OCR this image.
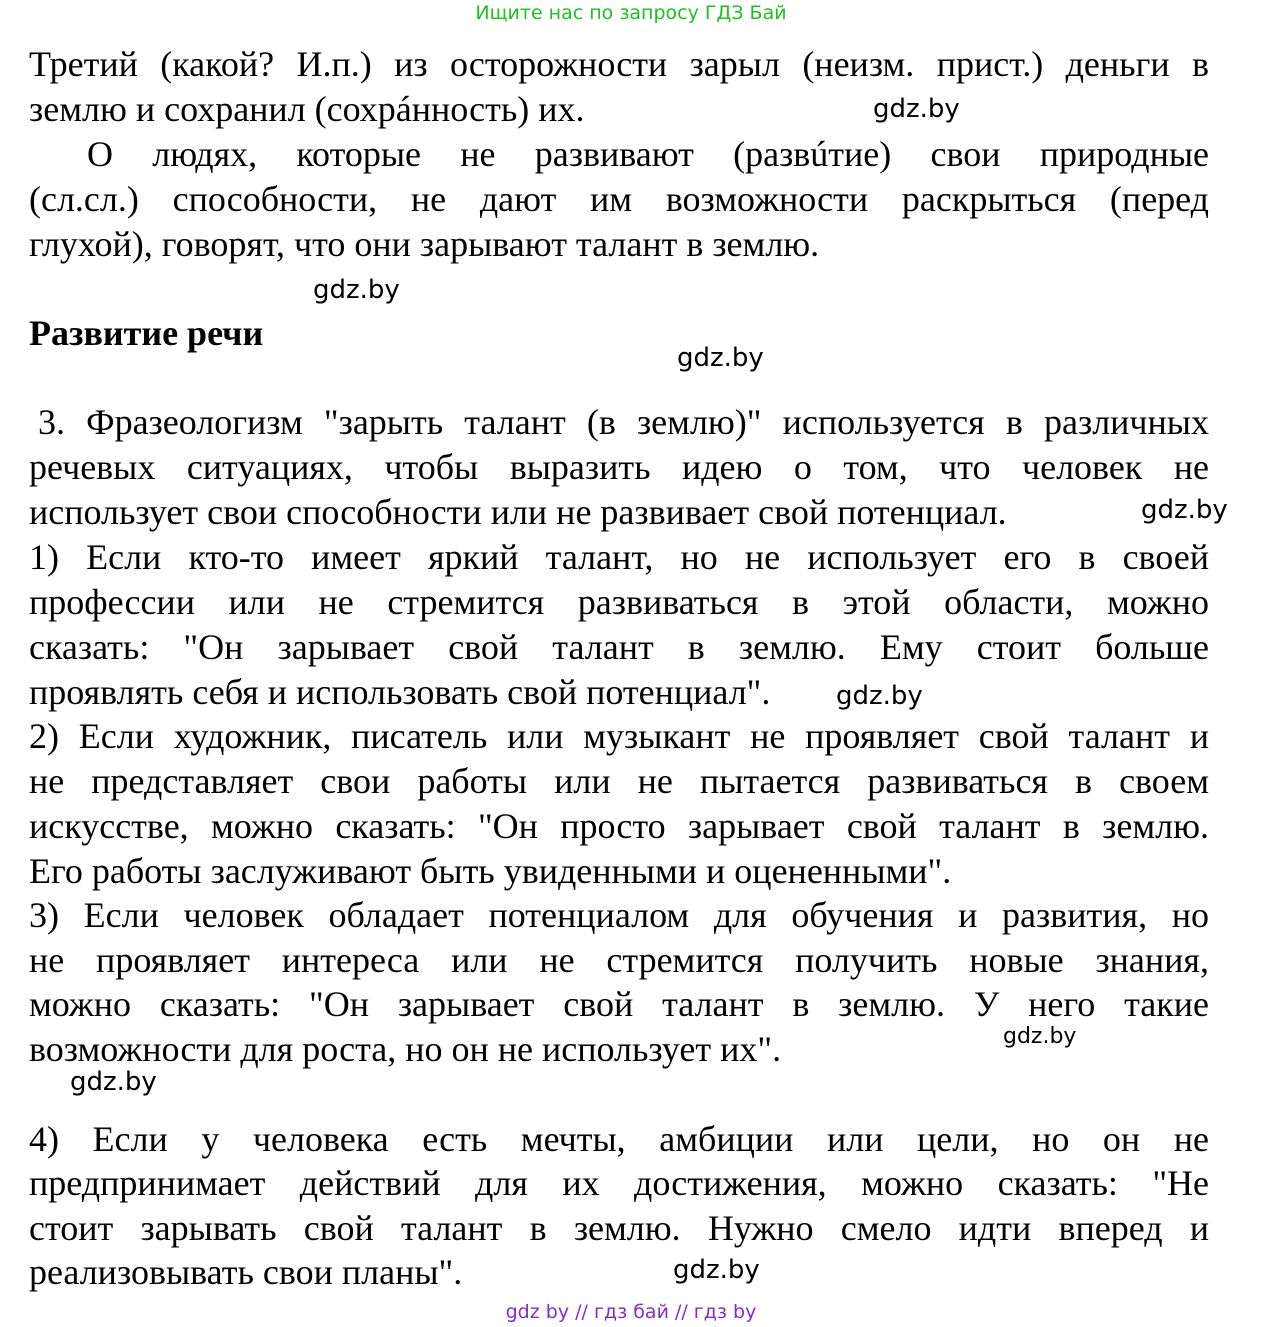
Ищите нас по запросу ГДЗ Бай
Третий (какой? И.п.) из осторожности зарыл (неизм. прист.) деньги в
землю и сохранил (сохрáнность) их.
О людях, которые не развивают (развúтие) свои природные
(сл.сл.) способности, не дают им возможности раскрыться (перед
глухой), говорят, что они зарывают талант в землю.
Развитие речи
3. Фразеологизм "зарыть талант (в землю)" используется в различных
речевых ситуациях, чтобы выразить идею о том, что человек не
использует свои способности или не развивает свой потенциал.
1) Если кто-то имеет яркий талант, но не использует его в своей
профессии или не стремится развиваться в этой области, можно
сказать: "Он зарывает свой талант в землю. Ему стоит больше
проявлять себя и использовать свой потенциал".
2) Если художник, писатель или музыкант не проявляет свой талант и
не представляет свои работы или не пытается развиваться в своем
искусстве, можно сказать: "Он просто зарывает свой талант в землю.
Его работы заслуживают быть увиденными и оцененными".
3) Если человек обладает потенциалом для обучения и развития, но
не проявляет интереса или не стремится получить новые знания,
можно сказать: "Он зарывает свой талант в землю. У него такие
возможности для роста, но он не использует их".
4) Если у человека есть мечты, амбиции или цели, но он не
предпринимает действий для их достижения, можно сказать: "Не
стоит зарывать свой талант в землю. Нужно смело идти вперед и
реализовывать свои планы".
gdz.by
gdz.by
gdz.by
gdz.by
gdz.by
gdz.by
gdz.by
gdz.by
gdz by // гдз бай // гдз by
